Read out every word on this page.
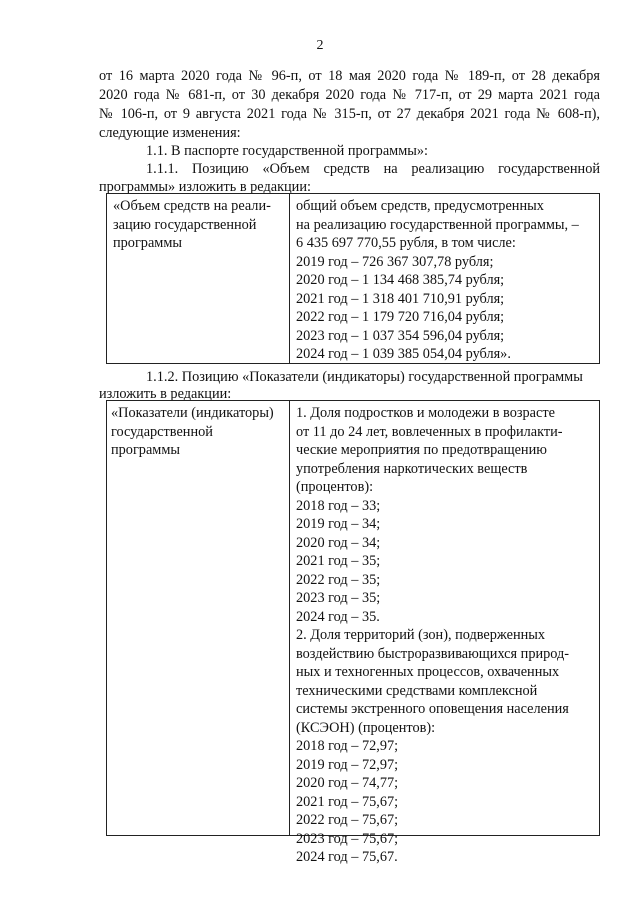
2
от 16 марта 2020 года № 96-п, от 18 мая 2020 года № 189-п, от 28 декабря
2020 года № 681-п, от 30 декабря 2020 года № 717-п, от 29 марта 2021 года
№ 106-п, от 9 августа 2021 года № 315-п, от 27 декабря 2021 года № 608-п),
следующие изменения:
1.1. В паспорте государственной программы»:
1.1.1. Позицию «Объем средств на реализацию государственной
программы» изложить в редакции:
«Объем средств на реали-
зацию государственной
программы
общий объем средств, предусмотренных
на реализацию государственной программы, –
6 435 697 770,55 рубля, в том числе:
2019 год – 726 367 307,78 рубля;
2020 год – 1 134 468 385,74 рубля;
2021 год – 1 318 401 710,91 рубля;
2022 год – 1 179 720 716,04 рубля;
2023 год – 1 037 354 596,04 рубля;
2024 год – 1 039 385 054,04 рубля».
1.1.2. Позицию «Показатели (индикаторы) государственной программы
изложить в редакции:
«Показатели (индикаторы)
государственной
программы
1. Доля подростков и молодежи в возрасте
от 11 до 24 лет, вовлеченных в профилакти-
ческие мероприятия по предотвращению
употребления наркотических веществ
(процентов):
2018 год – 33;
2019 год – 34;
2020 год – 34;
2021 год – 35;
2022 год – 35;
2023 год – 35;
2024 год – 35.
2. Доля территорий (зон), подверженных
воздействию быстроразвивающихся природ-
ных и техногенных процессов, охваченных
техническими средствами комплексной
системы экстренного оповещения населения
(КСЭОН) (процентов):
2018 год – 72,97;
2019 год – 72,97;
2020 год – 74,77;
2021 год – 75,67;
2022 год – 75,67;
2023 год – 75,67;
2024 год – 75,67.
